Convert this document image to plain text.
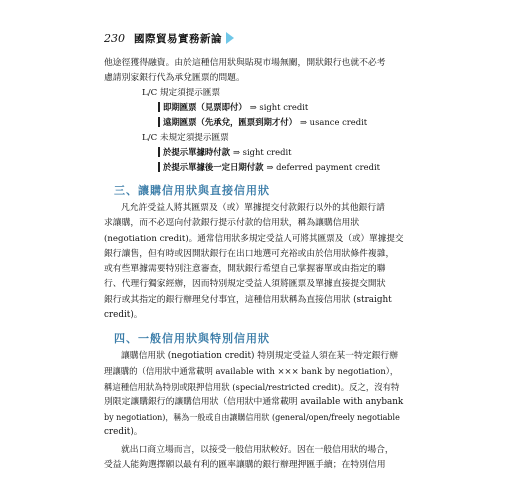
230 國際貿易實務新論

他途徑獲得融資。由於這種信用狀與貼現市場無關，開狀銀行也就不必考

慮請別家銀行代為承兌匯票的問題。

L/C 規定須提示匯票
即期匯票（見票即付） ⇒ sight credit
遠期匯票（先承兌，匯票到期才付） ⇒ usance credit
L/C 未規定須提示匯票
於提示單據時付款 ⇒ sight credit
於提示單據後一定日期付款 ⇒ deferred payment credit
三、讓購信用狀與直接信用狀

凡允許受益人將其匯票及（或）單據提交付款銀行以外的其他銀行請

求讓購，而不必逕向付款銀行提示付款的信用狀，稱為讓購信用狀

(negotiation credit)。通常信用狀多規定受益人可將其匯票及（或）單據提交

銀行讓售，但有時或因開狀銀行在出口地選可充裕或由於信用狀條件複雜，

或有些單據需要特別注意審查，開狀銀行希望自己掌握審單或由指定的聯

行、代理行獨家經辦，因而特別規定受益人須將匯票及單據直接提交開狀

銀行或其指定的銀行辦理兌付事宜，這種信用狀稱為直接信用狀 (straight

credit)。

四、一般信用狀與特別信用狀

讓購信用狀 (negotiation credit) 特別規定受益人須在某一特定銀行辦

理讓購的（信用狀中通常載明 available with ××× bank by negotiation），

稱這種信用狀為特別或限押信用狀 (special/restricted credit)。反之，沒有特

別限定讓購銀行的讓購信用狀（信用狀中通常載明 available with anybank

by negotiation)，稱為一般或自由讓購信用狀 (general/open/freely negotiable

credit)。

就出口商立場而言，以接受一般信用狀較好。因在一般信用狀的場合，

受益人能夠選擇願以最有利的匯率讓購的銀行辦理押匯手續；在特別信用
